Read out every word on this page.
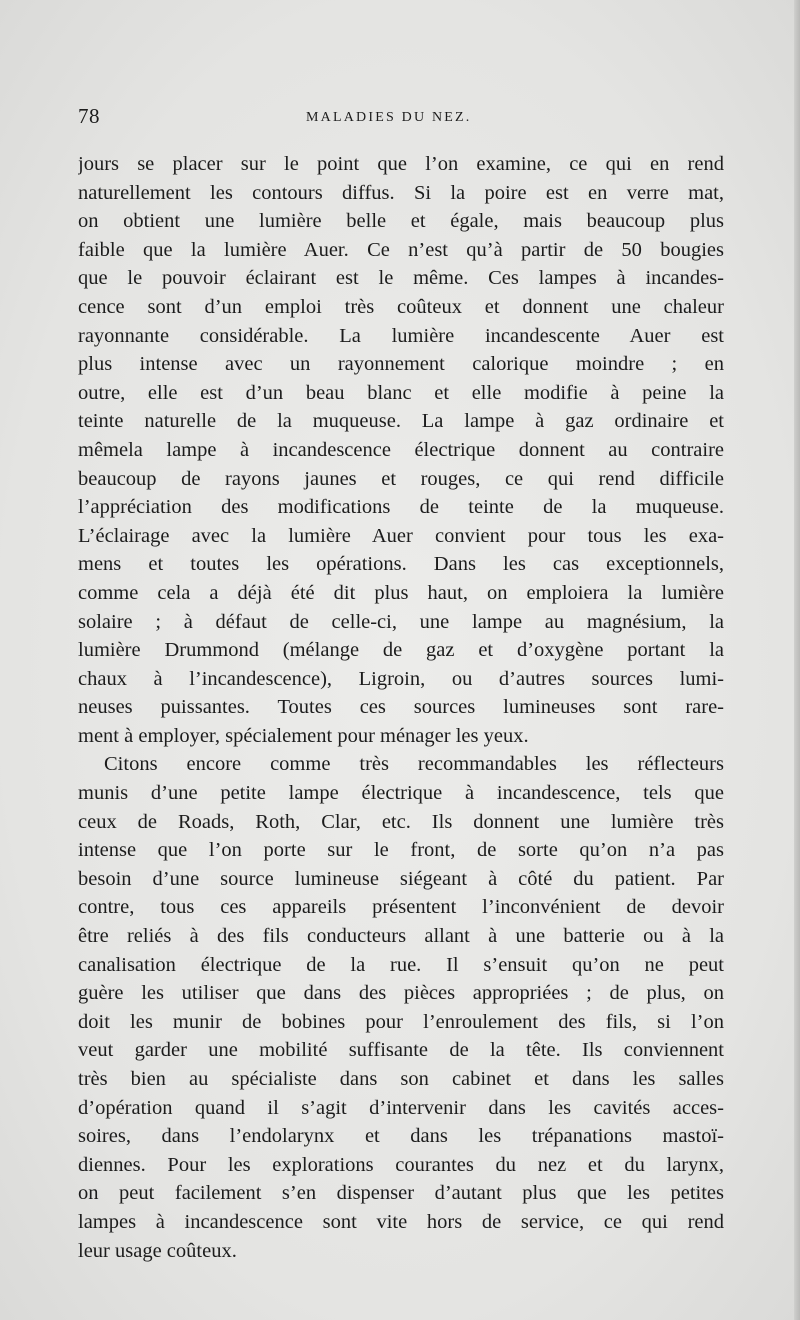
78	MALADIES DU NEZ.
jours se placer sur le point que l’on examine, ce qui en rend
naturellement les contours diffus. Si la poire est en verre mat,
on obtient une lumière belle et égale, mais beaucoup plus
faible que la lumière Auer. Ce n’est qu’à partir de 50 bougies
que le pouvoir éclairant est le même. Ces lampes à incandes-
cence sont d’un emploi très coûteux et donnent une chaleur
rayonnante considérable. La lumière incandescente Auer est
plus intense avec un rayonnement calorique moindre ; en
outre, elle est d’un beau blanc et elle modifie à peine la
teinte naturelle de la muqueuse. La lampe à gaz ordinaire et
mêmela lampe à incandescence électrique donnent au contraire
beaucoup de rayons jaunes et rouges, ce qui rend difficile
l’appréciation des modifications de teinte de la muqueuse.
L’éclairage avec la lumière Auer convient pour tous les exa-
mens et toutes les opérations. Dans les cas exceptionnels,
comme cela a déjà été dit plus haut, on emploiera la lumière
solaire ; à défaut de celle-ci, une lampe au magnésium, la
lumière Drummond (mélange de gaz et d’oxygène portant la
chaux à l’incandescence), Ligroin, ou d’autres sources lumi-
neuses puissantes. Toutes ces sources lumineuses sont rare-
ment à employer, spécialement pour ménager les yeux.
Citons encore comme très recommandables les réflecteurs
munis d’une petite lampe électrique à incandescence, tels que
ceux de Roads, Roth, Clar, etc. Ils donnent une lumière très
intense que l’on porte sur le front, de sorte qu’on n’a pas
besoin d’une source lumineuse siégeant à côté du patient. Par
contre, tous ces appareils présentent l’inconvénient de devoir
être reliés à des fils conducteurs allant à une batterie ou à la
canalisation électrique de la rue. Il s’ensuit qu’on ne peut
guère les utiliser que dans des pièces appropriées ; de plus, on
doit les munir de bobines pour l’enroulement des fils, si l’on
veut garder une mobilité suffisante de la tête. Ils conviennent
très bien au spécialiste dans son cabinet et dans les salles
d’opération quand il s’agit d’intervenir dans les cavités acces-
soires, dans l’endolarynx et dans les trépanations mastoï-
diennes. Pour les explorations courantes du nez et du larynx,
on peut facilement s’en dispenser d’autant plus que les petites
lampes à incandescence sont vite hors de service, ce qui rend
leur usage coûteux.
